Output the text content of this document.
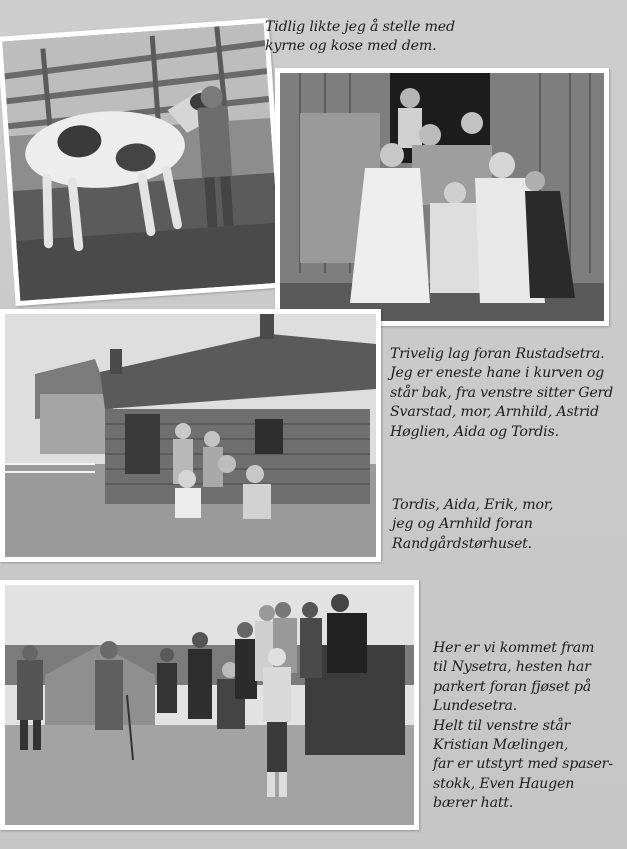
Tidlig likte jeg å stelle med
kyrne og kose med dem.

Trivelig lag foran Rustadsetra.
Jeg er eneste hane i kurven og
står bak, fra venstre sitter Gerd
Svarstad, mor, Arnhild, Astrid
Høglien, Aida og Tordis.

Tordis, Aida, Erik, mor,
jeg og Arnhild foran
Randgårdstørhuset.

Her er vi kommet fram
til Nysetra, hesten har
parkert foran fjøset på
Lundesetra.
Helt til venstre står
Kristian Mælingen,
far er utstyrt med spaser-
stokk, Even Haugen
bærer hatt.
